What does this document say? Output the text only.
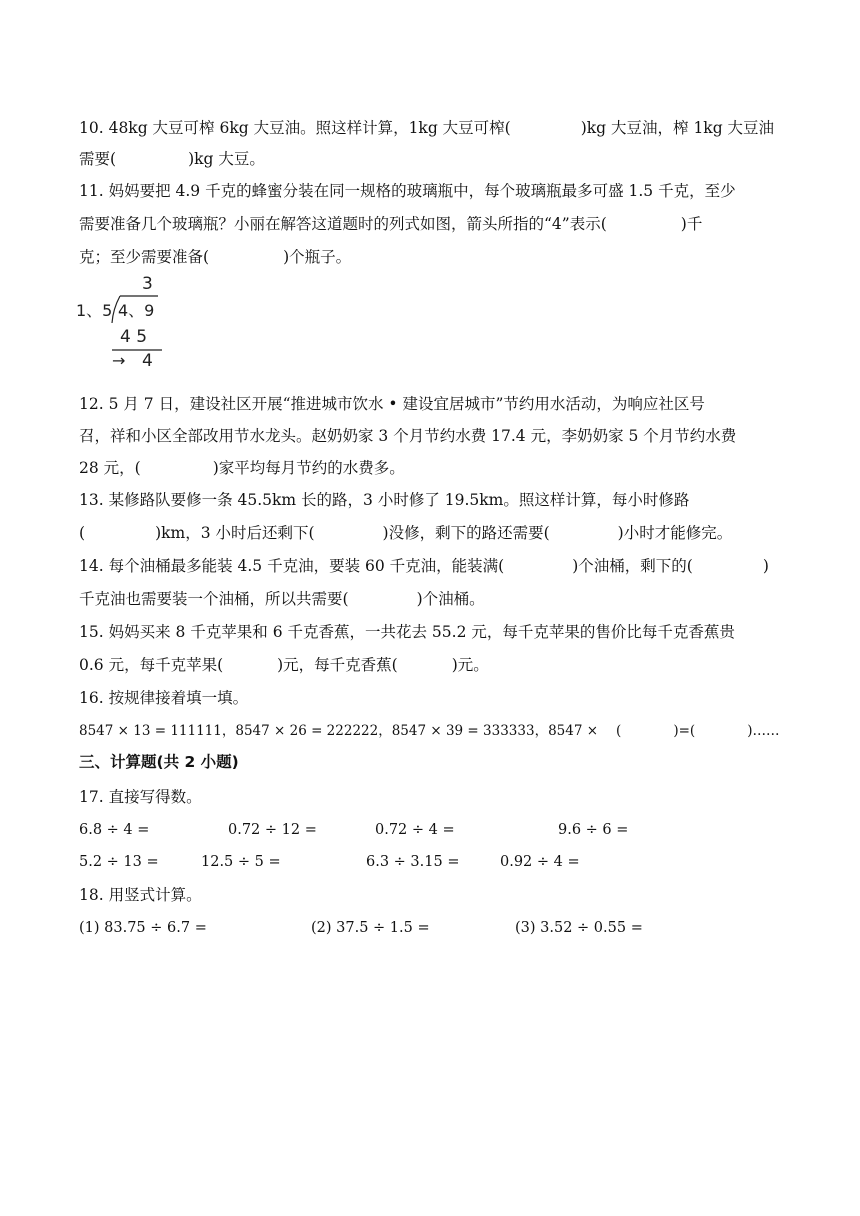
10. 48kg 大豆可榨 6kg 大豆油。照这样计算，1kg 大豆可榨(	)kg 大豆油，榨 1kg 大豆油
需要(	)kg 大豆。
11. 妈妈要把 4.9 千克的蜂蜜分装在同一规格的玻璃瓶中，每个玻璃瓶最多可盛 1.5 千克，至少
需要准备几个玻璃瓶？小丽在解答这道题时的列式如图，箭头所指的“4”表示(	)千
克；至少需要准备(	)个瓶子。
3
1、5 4、9
4 5
→ 4
12. 5 月 7 日，建设社区开展“推进城市饮水 • 建设宜居城市”节约用水活动，为响应社区号
召，祥和小区全部改用节水龙头。赵奶奶家 3 个月节约水费 17.4 元，李奶奶家 5 个月节约水费
28 元，(	)家平均每月节约的水费多。
13. 某修路队要修一条 45.5km 长的路，3 小时修了 19.5km。照这样计算，每小时修路
(	)km，3 小时后还剩下(	)没修，剩下的路还需要(	)小时才能修完。
14. 每个油桶最多能装 4.5 千克油，要装 60 千克油，能装满(	)个油桶，剩下的(	)
千克油也需要装一个油桶，所以共需要(	)个油桶。
15. 妈妈买来 8 千克苹果和 6 千克香蕉，一共花去 55.2 元，每千克苹果的售价比每千克香蕉贵
0.6 元，每千克苹果(	)元，每千克香蕉(	)元。
16. 按规律接着填一填。
8547 × 13 = 111111，8547 × 26 = 222222，8547 × 39 = 333333，8547 × (	)=(	)……
三、计算题(共 2 小题)
17. 直接写得数。
6.8 ÷ 4 =	0.72 ÷ 12 =	0.72 ÷ 4 =	9.6 ÷ 6 =
5.2 ÷ 13 =	12.5 ÷ 5 =	6.3 ÷ 3.15 =	0.92 ÷ 4 =
18. 用竖式计算。
(1) 83.75 ÷ 6.7 =	(2) 37.5 ÷ 1.5 =	(3) 3.52 ÷ 0.55 =
